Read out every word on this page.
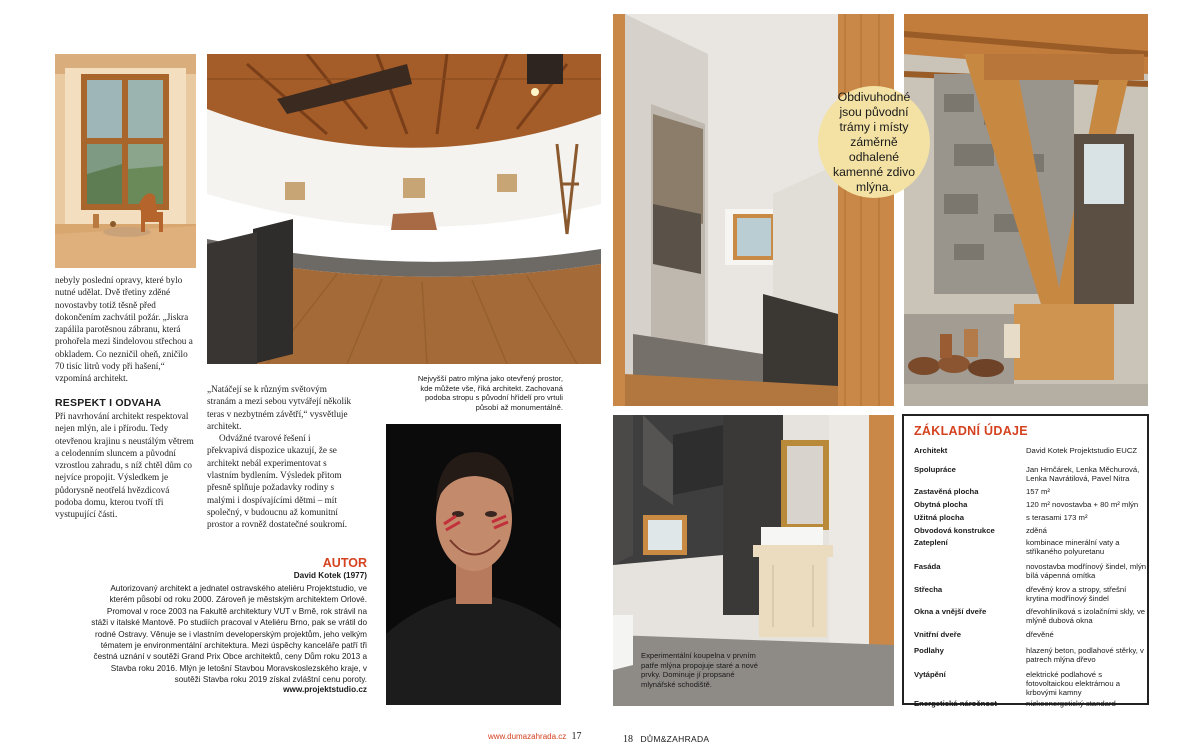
nebyly poslední opravy, které bylo nutné udělat. Dvě třetiny zděné novostavby totiž těsně před dokončením zachvátil požár. „Jiskra zapálila parotěsnou zábranu, která prohořela mezi šindelovou střechou a obkladem. Co nezničil oheň, zničilo 70 tisíc litrů vody při hašení,“ vzpomíná architekt.

RESPEKT I ODVAHA

Při navrhování architekt respektoval nejen mlýn, ale i přírodu. Tedy otevřenou krajinu s neustálým větrem a celodenním sluncem a původní vzrostlou zahradu, s níž chtěl dům co nejvíce propojit. Výsledkem je půdorysně neotřelá hvězdicová podoba domu, kterou tvoří tři vystupující části.

„Natáčejí se k různým světovým stranám a mezi sebou vytvářejí několik teras v nezbytném závětří,“ vysvětluje architekt.

Odvážné tvarové řešení i překvapivá dispozice ukazují, že se architekt nebál experimentovat s vlastním bydlením. Výsledek přitom přesně splňuje požadavky rodiny s malými i dospívajícími dětmi – mít společný, v budoucnu až komunitní prostor a rovněž dostatečné soukromí.

Nejvyšší patro mlýna jako otevřený prostor, kde můžete vše, říká architekt. Zachovaná podoba stropu s původní hřídelí pro vrtuli působí až monumentálně.
AUTOR
David Kotek (1977)
Autorizovaný architekt a jednatel ostravského ateliéru Projektstudio, ve kterém působí od roku 2000. Zároveň je městským architektem Orlové. Promoval v roce 2003 na Fakultě architektury VUT v Brně, rok strávil na stáži v italské Mantově. Po studiích pracoval v Ateliéru Brno, pak se vrátil do rodné Ostravy. Věnuje se i vlastním developerským projektům, jeho velkým tématem je environmentální architektura. Mezi úspěchy kanceláře patří tři čestná uznání v soutěži Grand Prix Obce architektů, ceny Dům roku 2013 a Stavba roku 2016. Mlýn je letošní Stavbou Moravskoslezského kraje, v soutěži Stavba roku 2019 získal zvláštní cenu poroty.
www.projektstudio.cz
Obdivuhodné jsou původní trámy i místy záměrně odhalené kamenné zdivo mlýna.
Experimentální koupelna v prvním patře mlýna propojuje staré a nové prvky. Dominuje jí propsané mlynářské schodiště.
ZÁKLADNÍ ÚDAJE
Architekt	David Kotek Projektstudio EUCZ
Spolupráce	Jan Hrnčárek, Lenka Měchurová, Lenka Navrátilová, Pavel Nitra
Zastavěná plocha	157 m²
Obytná plocha	120 m² novostavba + 80 m² mlýn
Užitná plocha	s terasami 173 m²
Obvodová konstrukce	zděná
Zateplení	kombinace minerální vaty a stříkaného polyuretanu
Fasáda	novostavba modřínový šindel, mlýn bílá vápenná omítka
Střecha	dřevěný krov a stropy, střešní krytina modřínový šindel
Okna a vnější dveře	dřevohliníková s izolačními skly, ve mlýně dubová okna
Vnitřní dveře	dřevěné
Podlahy	hlazený beton, podlahové stěrky, v patrech mlýna dřevo
Vytápění	elektrické podlahové s fotovoltaickou elektrárnou a krbovými kamny
Energetická náročnost	nízkoenergetický standard
www.dumazahrada.cz 17	18 DŮM&ZAHRADA
